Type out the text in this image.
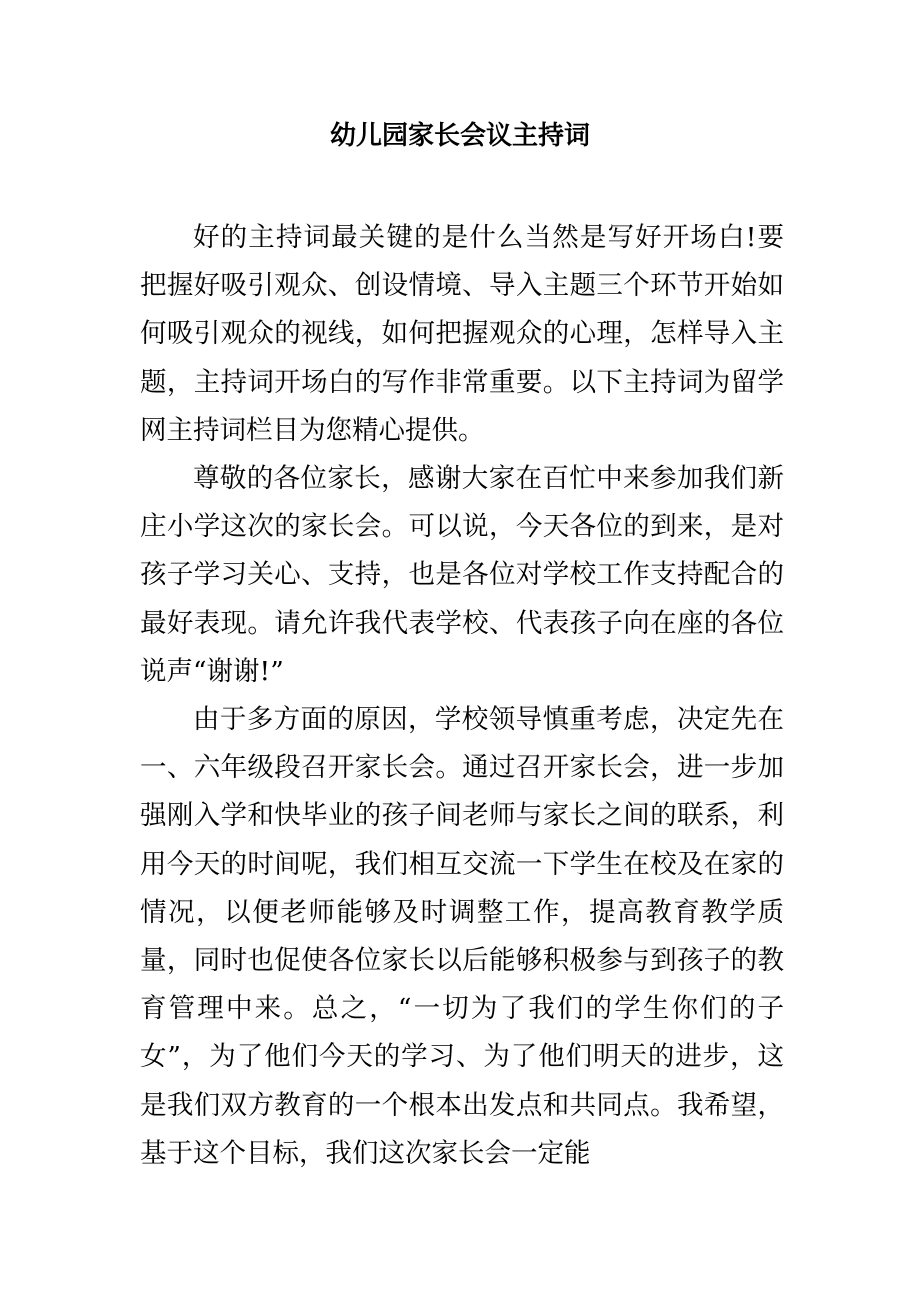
幼儿园家长会议主持词

好的主持词最关键的是什么当然是写好开场白!要把握好吸引观众、创设情境、导入主题三个环节开始如何吸引观众的视线，如何把握观众的心理，怎样导入主题，主持词开场白的写作非常重要。以下主持词为留学网主持词栏目为您精心提供。

尊敬的各位家长，感谢大家在百忙中来参加我们新庄小学这次的家长会。可以说，今天各位的到来，是对孩子学习关心、支持，也是各位对学校工作支持配合的最好表现。请允许我代表学校、代表孩子向在座的各位说声“谢谢!”

由于多方面的原因，学校领导慎重考虑，决定先在一、六年级段召开家长会。通过召开家长会，进一步加强刚入学和快毕业的孩子间老师与家长之间的联系，利用今天的时间呢，我们相互交流一下学生在校及在家的情况，以便老师能够及时调整工作，提高教育教学质量，同时也促使各位家长以后能够积极参与到孩子的教育管理中来。总之，“一切为了我们的学生你们的子女”，为了他们今天的学习、为了他们明天的进步，这是我们双方教育的一个根本出发点和共同点。我希望，基于这个目标，我们这次家长会一定能
